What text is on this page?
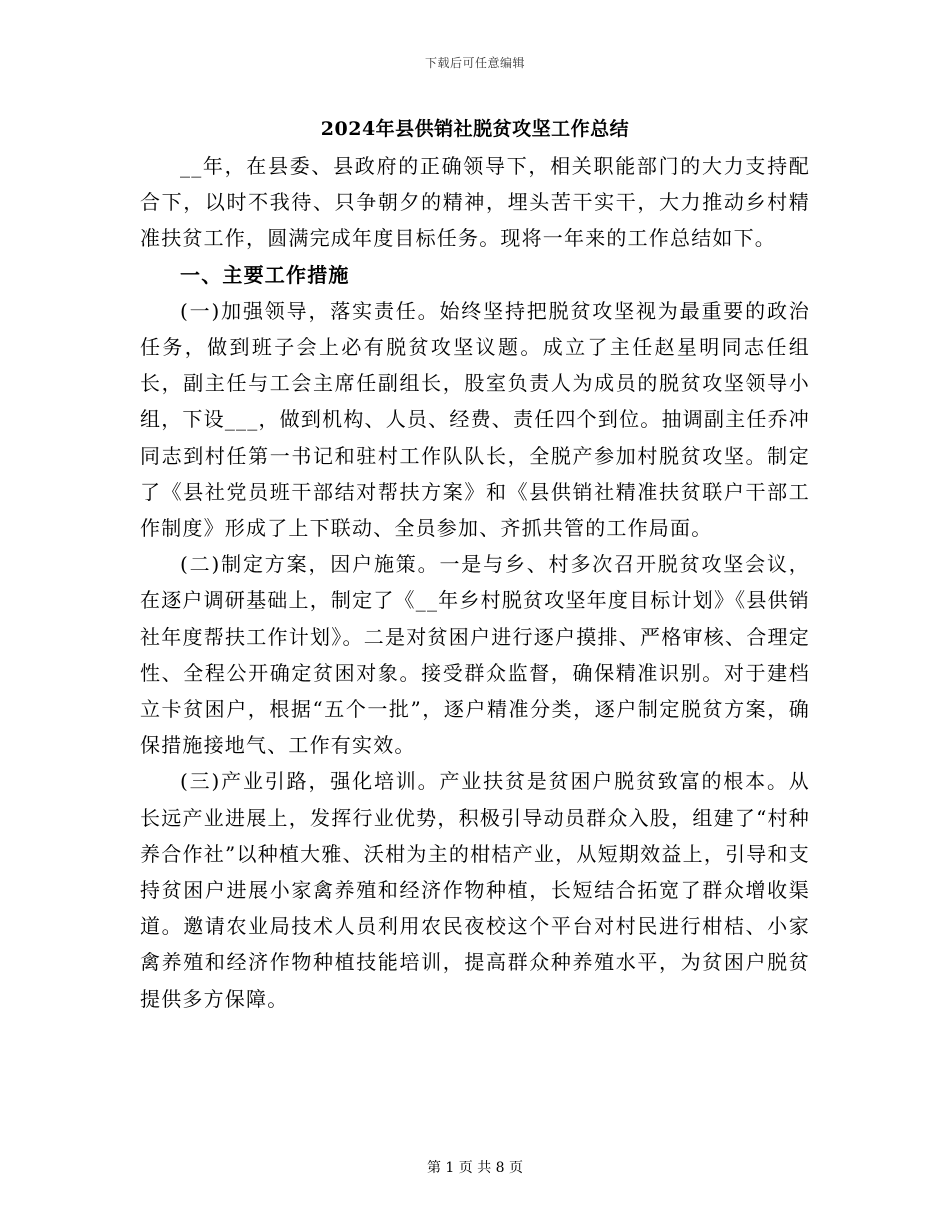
下载后可任意编辑
2024年县供销社脱贫攻坚工作总结

__年，在县委、县政府的正确领导下，相关职能部门的大力支持配合下，以时不我待、只争朝夕的精神，埋头苦干实干，大力推动乡村精准扶贫工作，圆满完成年度目标任务。现将一年来的工作总结如下。

一、主要工作措施

(一)加强领导，落实责任。始终坚持把脱贫攻坚视为最重要的政治任务，做到班子会上必有脱贫攻坚议题。成立了主任赵星明同志任组长，副主任与工会主席任副组长，股室负责人为成员的脱贫攻坚领导小组，下设___，做到机构、人员、经费、责任四个到位。抽调副主任乔冲同志到村任第一书记和驻村工作队队长，全脱产参加村脱贫攻坚。制定了《县社党员班干部结对帮扶方案》和《县供销社精准扶贫联户干部工作制度》形成了上下联动、全员参加、齐抓共管的工作局面。

(二)制定方案，因户施策。一是与乡、村多次召开脱贫攻坚会议，在逐户调研基础上，制定了《__年乡村脱贫攻坚年度目标计划》《县供销社年度帮扶工作计划》。二是对贫困户进行逐户摸排、严格审核、合理定性、全程公开确定贫困对象。接受群众监督，确保精准识别。对于建档立卡贫困户，根据“五个一批”，逐户精准分类，逐户制定脱贫方案，确保措施接地气、工作有实效。

(三)产业引路，强化培训。产业扶贫是贫困户脱贫致富的根本。从长远产业进展上，发挥行业优势，积极引导动员群众入股，组建了“村种养合作社”以种植大雅、沃柑为主的柑桔产业，从短期效益上，引导和支持贫困户进展小家禽养殖和经济作物种植，长短结合拓宽了群众增收渠道。邀请农业局技术人员利用农民夜校这个平台对村民进行柑桔、小家禽养殖和经济作物种植技能培训，提高群众种养殖水平，为贫困户脱贫提供多方保障。

第 1 页 共 8 页
